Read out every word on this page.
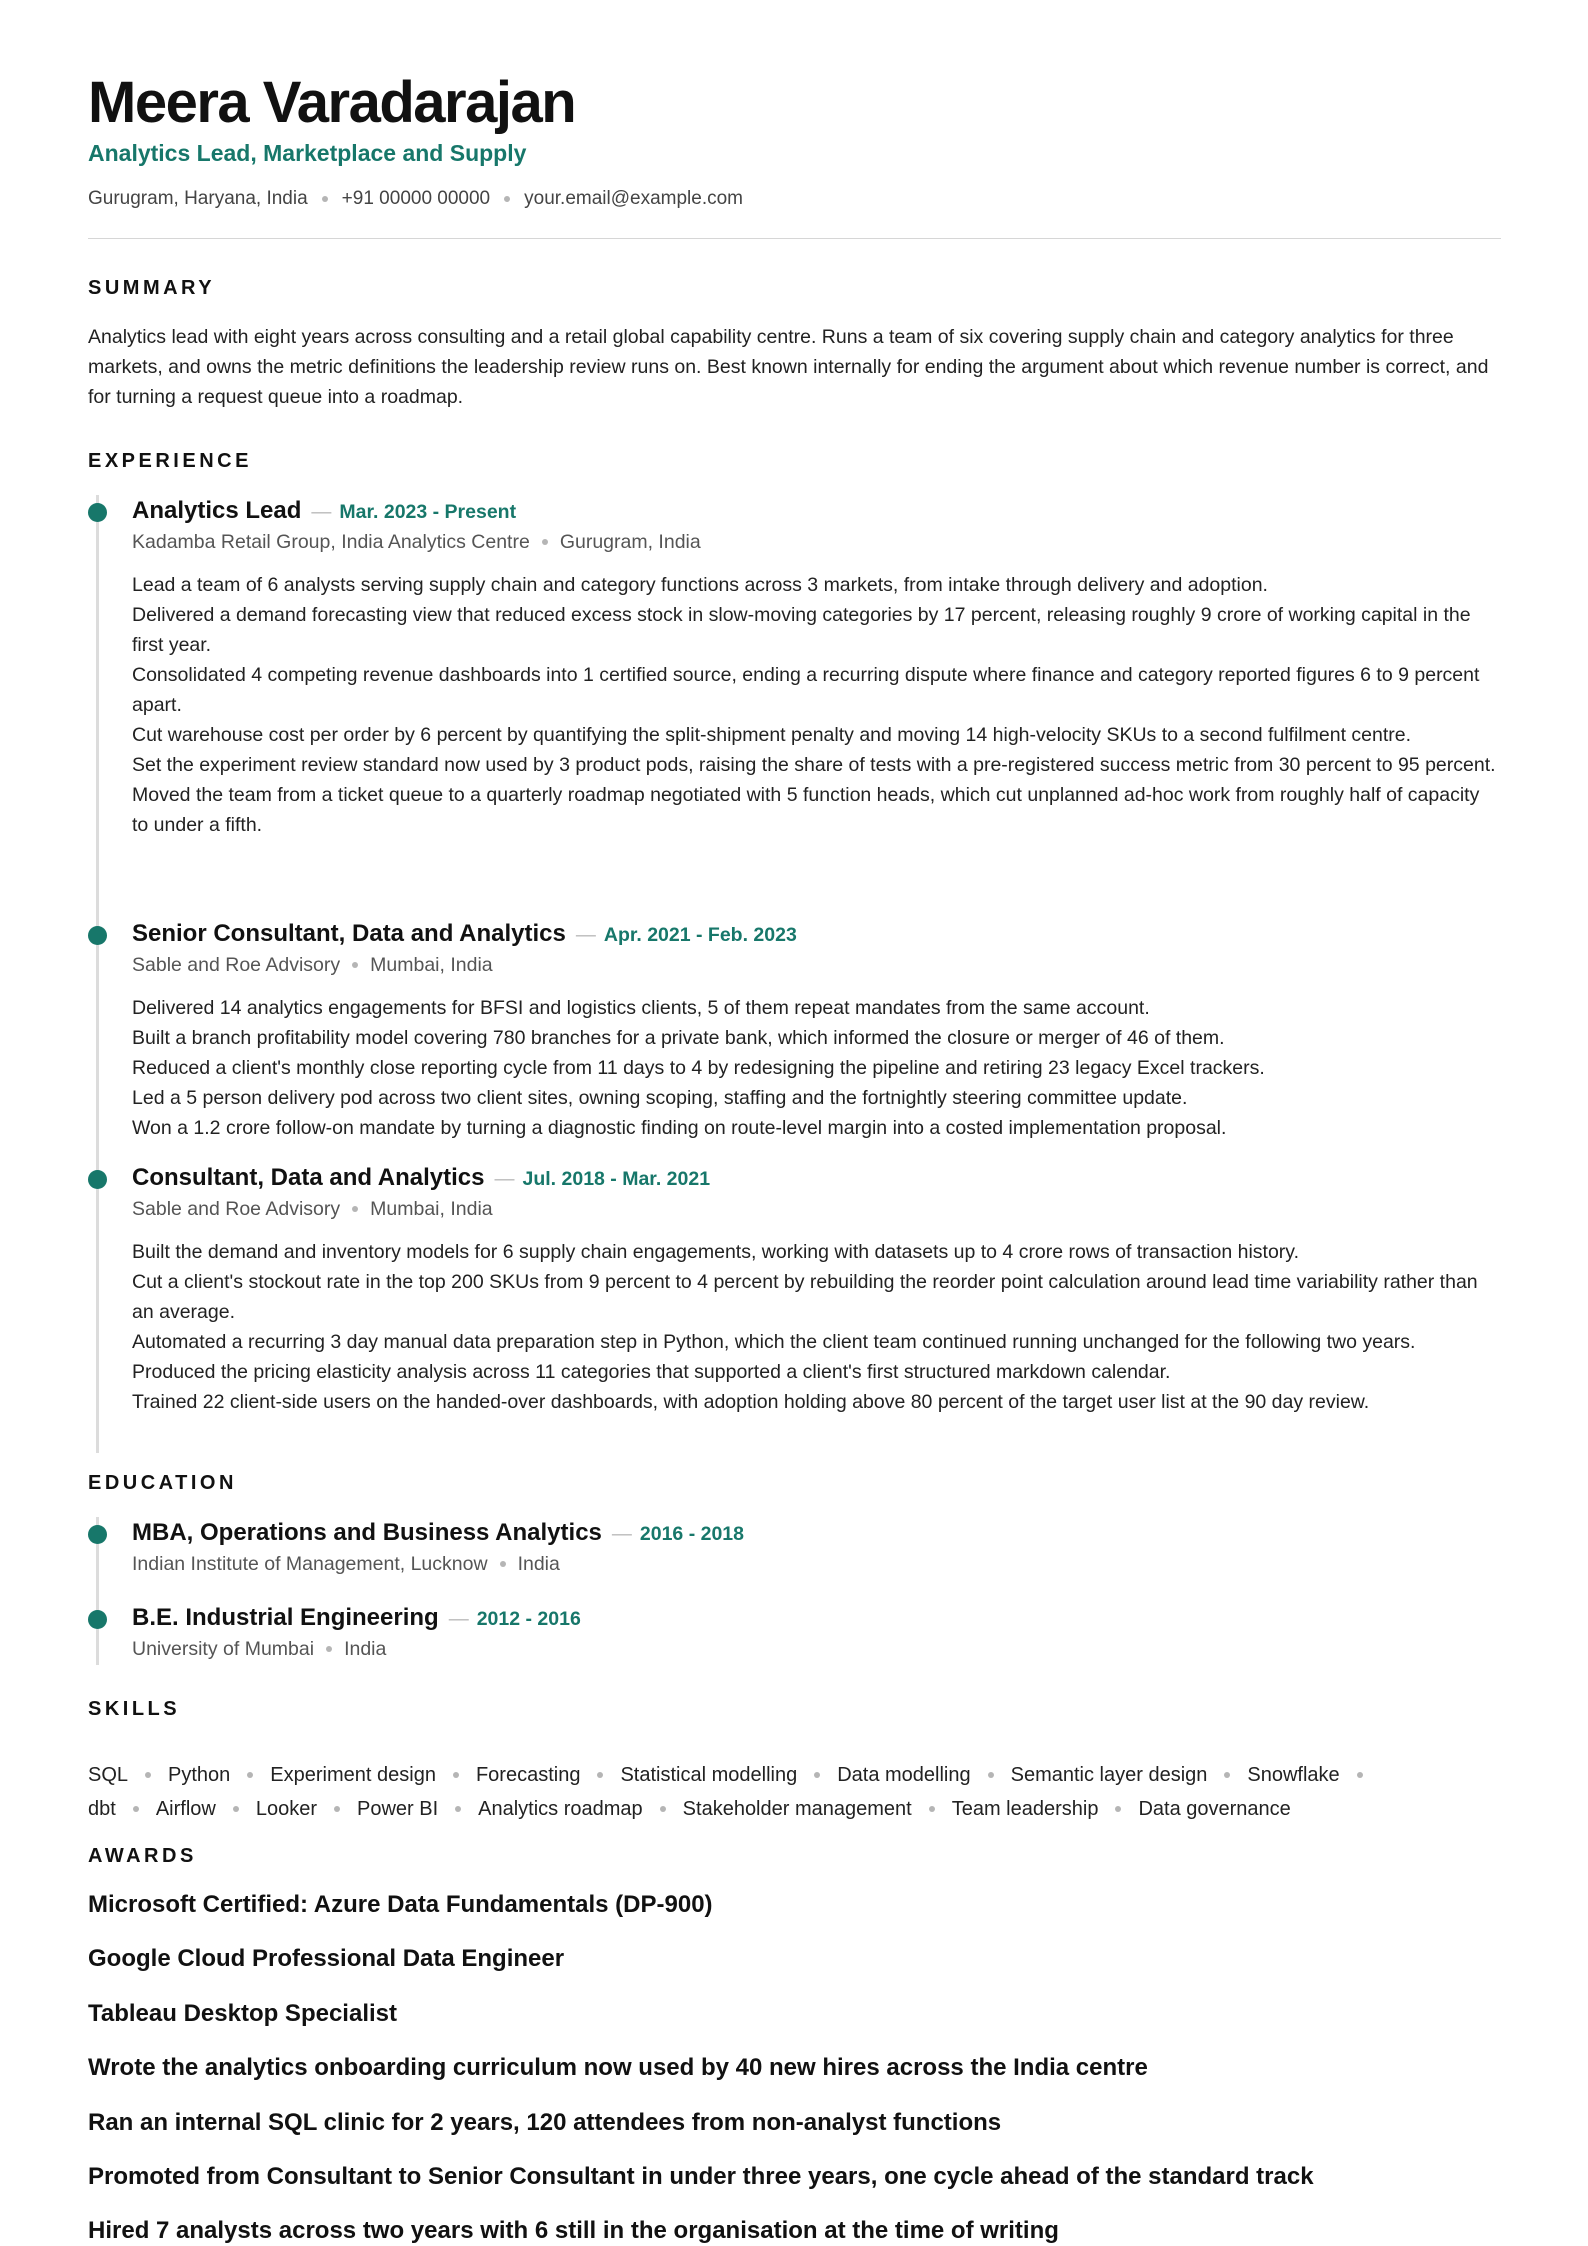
Meera Varadarajan
Analytics Lead, Marketplace and Supply
Gurugram, Haryana, India +91 00000 00000 your.email@example.com
SUMMARY
Analytics lead with eight years across consulting and a retail global capability centre. Runs a team of six covering supply chain and category analytics for three markets, and owns the metric definitions the leadership review runs on. Best known internally for ending the argument about which revenue number is correct, and for turning a request queue into a roadmap.
EXPERIENCE
Analytics Lead — Mar. 2023 - Present
Kadamba Retail Group, India Analytics Centre Gurugram, India
Lead a team of 6 analysts serving supply chain and category functions across 3 markets, from intake through delivery and adoption.
Delivered a demand forecasting view that reduced excess stock in slow-moving categories by 17 percent, releasing roughly 9 crore of working capital in the first year.
Consolidated 4 competing revenue dashboards into 1 certified source, ending a recurring dispute where finance and category reported figures 6 to 9 percent apart.
Cut warehouse cost per order by 6 percent by quantifying the split-shipment penalty and moving 14 high-velocity SKUs to a second fulfilment centre.
Set the experiment review standard now used by 3 product pods, raising the share of tests with a pre-registered success metric from 30 percent to 95 percent.
Moved the team from a ticket queue to a quarterly roadmap negotiated with 5 function heads, which cut unplanned ad-hoc work from roughly half of capacity to under a fifth.
Senior Consultant, Data and Analytics — Apr. 2021 - Feb. 2023
Sable and Roe Advisory Mumbai, India
Delivered 14 analytics engagements for BFSI and logistics clients, 5 of them repeat mandates from the same account.
Built a branch profitability model covering 780 branches for a private bank, which informed the closure or merger of 46 of them.
Reduced a client's monthly close reporting cycle from 11 days to 4 by redesigning the pipeline and retiring 23 legacy Excel trackers.
Led a 5 person delivery pod across two client sites, owning scoping, staffing and the fortnightly steering committee update.
Won a 1.2 crore follow-on mandate by turning a diagnostic finding on route-level margin into a costed implementation proposal.
Consultant, Data and Analytics — Jul. 2018 - Mar. 2021
Sable and Roe Advisory Mumbai, India
Built the demand and inventory models for 6 supply chain engagements, working with datasets up to 4 crore rows of transaction history.
Cut a client's stockout rate in the top 200 SKUs from 9 percent to 4 percent by rebuilding the reorder point calculation around lead time variability rather than an average.
Automated a recurring 3 day manual data preparation step in Python, which the client team continued running unchanged for the following two years.
Produced the pricing elasticity analysis across 11 categories that supported a client's first structured markdown calendar.
Trained 22 client-side users on the handed-over dashboards, with adoption holding above 80 percent of the target user list at the 90 day review.
EDUCATION
MBA, Operations and Business Analytics — 2016 - 2018
Indian Institute of Management, Lucknow India
B.E. Industrial Engineering — 2012 - 2016
University of Mumbai India
SKILLS
SQL Python Experiment design Forecasting Statistical modelling Data modelling Semantic layer design Snowflake
dbt Airflow Looker Power BI Analytics roadmap Stakeholder management Team leadership Data governance
AWARDS
Microsoft Certified: Azure Data Fundamentals (DP-900)
Google Cloud Professional Data Engineer
Tableau Desktop Specialist
Wrote the analytics onboarding curriculum now used by 40 new hires across the India centre
Ran an internal SQL clinic for 2 years, 120 attendees from non-analyst functions
Promoted from Consultant to Senior Consultant in under three years, one cycle ahead of the standard track
Hired 7 analysts across two years with 6 still in the organisation at the time of writing
